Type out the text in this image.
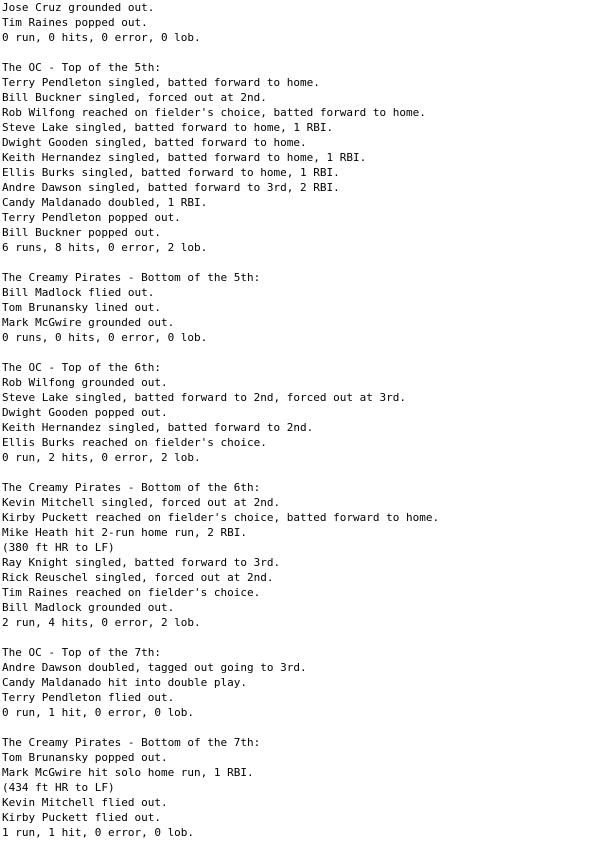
Jose Cruz grounded out.
Tim Raines popped out.
0 run, 0 hits, 0 error, 0 lob.
The OC - Top of the 5th:
Terry Pendleton singled, batted forward to home.
Bill Buckner singled, forced out at 2nd.
Rob Wilfong reached on fielder's choice, batted forward to home.
Steve Lake singled, batted forward to home, 1 RBI.
Dwight Gooden singled, batted forward to home.
Keith Hernandez singled, batted forward to home, 1 RBI.
Ellis Burks singled, batted forward to home, 1 RBI.
Andre Dawson singled, batted forward to 3rd, 2 RBI.
Candy Maldanado doubled, 1 RBI.
Terry Pendleton popped out.
Bill Buckner popped out.
6 runs, 8 hits, 0 error, 2 lob.
The Creamy Pirates - Bottom of the 5th:
Bill Madlock flied out.
Tom Brunansky lined out.
Mark McGwire grounded out.
0 runs, 0 hits, 0 error, 0 lob.
The OC - Top of the 6th:
Rob Wilfong grounded out.
Steve Lake singled, batted forward to 2nd, forced out at 3rd.
Dwight Gooden popped out.
Keith Hernandez singled, batted forward to 2nd.
Ellis Burks reached on fielder's choice.
0 run, 2 hits, 0 error, 2 lob.
The Creamy Pirates - Bottom of the 6th:
Kevin Mitchell singled, forced out at 2nd.
Kirby Puckett reached on fielder's choice, batted forward to home.
Mike Heath hit 2-run home run, 2 RBI.
(380 ft HR to LF)
Ray Knight singled, batted forward to 3rd.
Rick Reuschel singled, forced out at 2nd.
Tim Raines reached on fielder's choice.
Bill Madlock grounded out.
2 run, 4 hits, 0 error, 2 lob.
The OC - Top of the 7th:
Andre Dawson doubled, tagged out going to 3rd.
Candy Maldanado hit into double play.
Terry Pendleton flied out.
0 run, 1 hit, 0 error, 0 lob.
The Creamy Pirates - Bottom of the 7th:
Tom Brunansky popped out.
Mark McGwire hit solo home run, 1 RBI.
(434 ft HR to LF)
Kevin Mitchell flied out.
Kirby Puckett flied out.
1 run, 1 hit, 0 error, 0 lob.
